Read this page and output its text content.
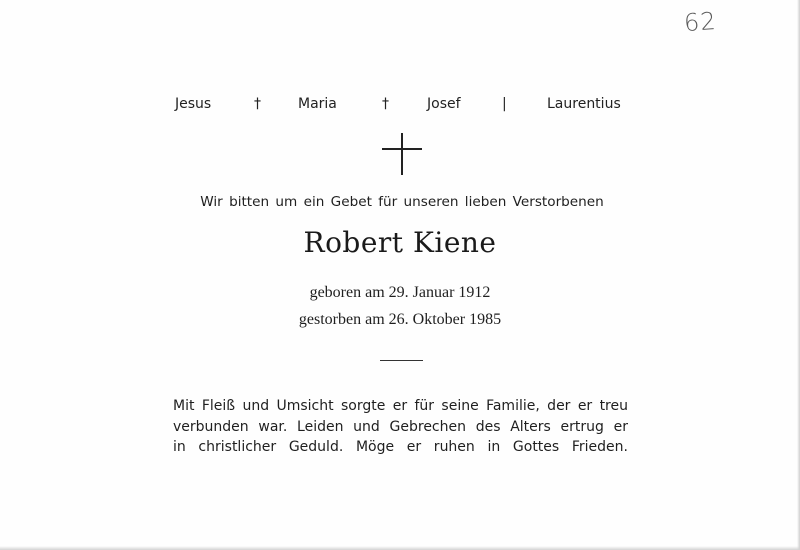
62
Jesus	†	Maria	†	Josef	|	Laurentius
Wir bitten um ein Gebet für unseren lieben Verstorbenen
Robert Kiene
geboren am 29. Januar 1912
gestorben am 26. Oktober 1985
Mit Fleiß und Umsicht sorgte er für seine Familie, der er treu
verbunden war. Leiden und Gebrechen des Alters ertrug er
in christlicher Geduld. Möge er ruhen in Gottes Frieden.
